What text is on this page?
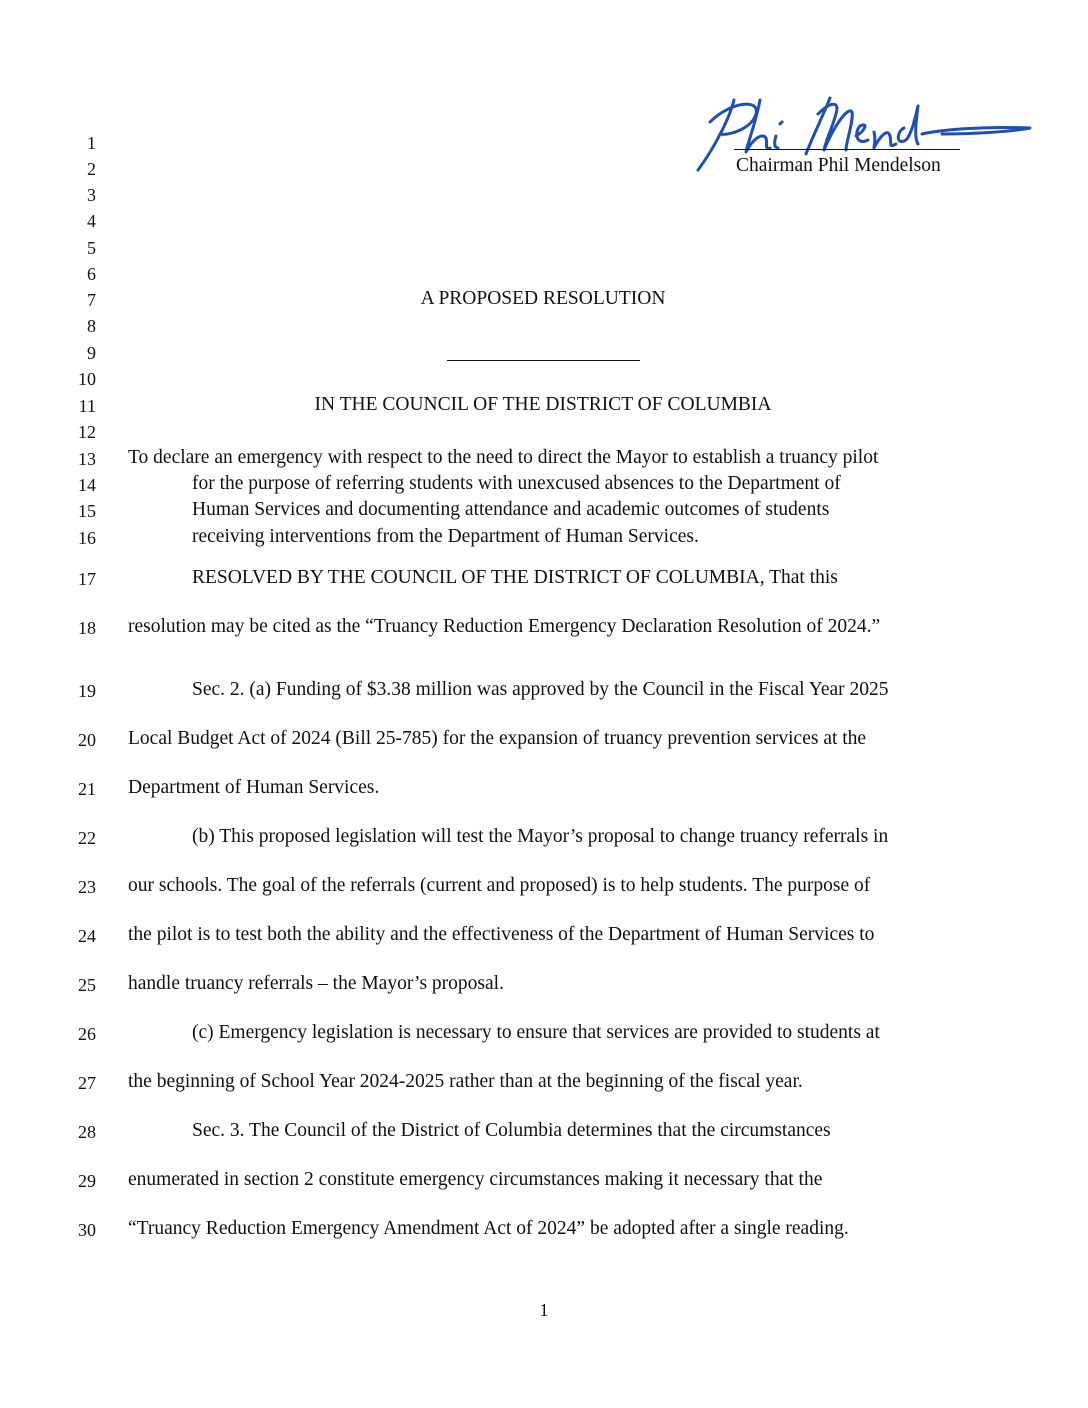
Chairman Phil Mendelson
1
2
3
4
5
6
7
8
9
10
11
12
13
14
15
16
17
18
19
20
21
22
23
24
25
26
27
28
29
30
A PROPOSED RESOLUTION
IN THE COUNCIL OF THE DISTRICT OF COLUMBIA
To declare an emergency with respect to the need to direct the Mayor to establish a truancy pilot
for the purpose of referring students with unexcused absences to the Department of
Human Services and documenting attendance and academic outcomes of students
receiving interventions from the Department of Human Services.
RESOLVED BY THE COUNCIL OF THE DISTRICT OF COLUMBIA, That this
resolution may be cited as the “Truancy Reduction Emergency Declaration Resolution of 2024.”
Sec. 2. (a) Funding of $3.38 million was approved by the Council in the Fiscal Year 2025
Local Budget Act of 2024 (Bill 25-785) for the expansion of truancy prevention services at the
Department of Human Services.
(b) This proposed legislation will test the Mayor’s proposal to change truancy referrals in
our schools. The goal of the referrals (current and proposed) is to help students. The purpose of
the pilot is to test both the ability and the effectiveness of the Department of Human Services to
handle truancy referrals – the Mayor’s proposal.
(c) Emergency legislation is necessary to ensure that services are provided to students at
the beginning of School Year 2024-2025 rather than at the beginning of the fiscal year.
Sec. 3. The Council of the District of Columbia determines that the circumstances
enumerated in section 2 constitute emergency circumstances making it necessary that the
“Truancy Reduction Emergency Amendment Act of 2024” be adopted after a single reading.
1
